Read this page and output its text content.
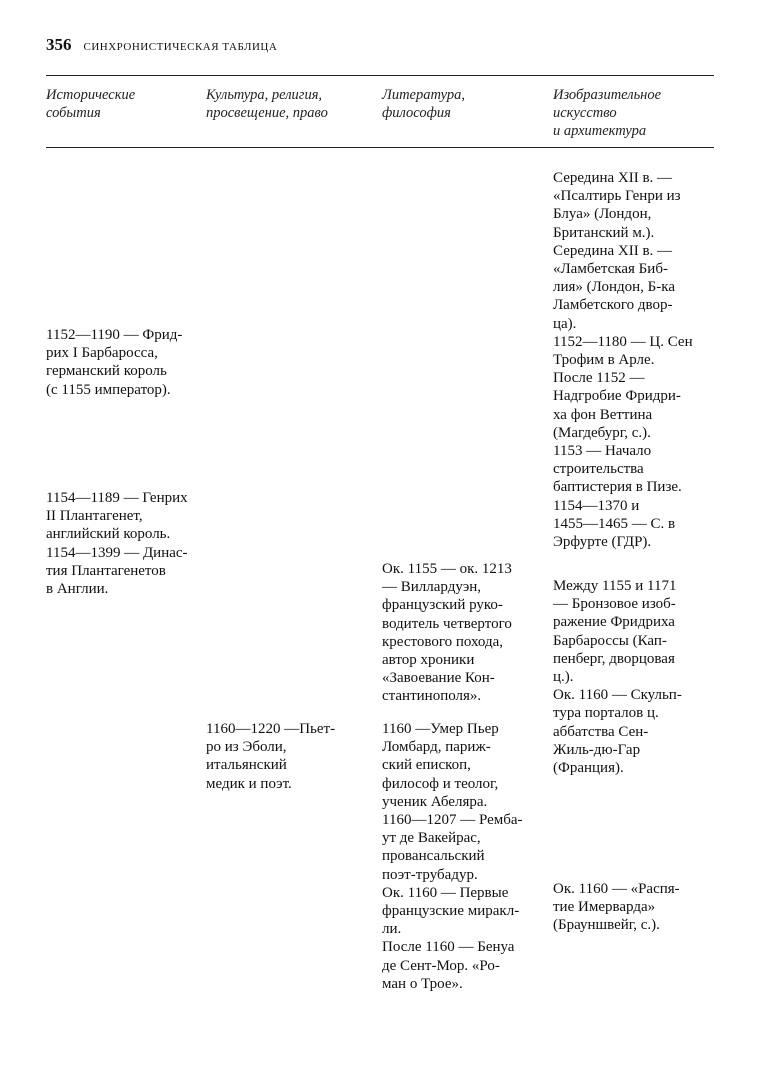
356 СИНХРОНИСТИЧЕСКАЯ ТАБЛИЦА
Исторические
события
Культура, религия,
просвещение, право
Литература,
философия
Изобразительное
искусство
и архитектура
Середина XII в. —
«Псалтирь Генри из
Блуа» (Лондон,
Британский м.).
Середина XII в. —
«Ламбетская Биб-
лия» (Лондон, Б-ка
Ламбетского двор-
ца).
1152—1180 — Ц. Сен
Трофим в Арле.
После 1152 —
Надгробие Фридри-
ха фон Веттина
(Магдебург, с.).
1153 — Начало
строительства
баптистерия в Пизе.
1154—1370 и
1455—1465 — С. в
Эрфурте (ГДР).
1152—1190 — Фрид-
рих I Барбаросса,
германский король
(с 1155 император).
1154—1189 — Генрих
II Плантагенет,
английский король.
1154—1399 — Динас-
тия Плантагенетов
в Англии.
Ок. 1155 — ок. 1213
— Виллардуэн,
французский руко-
водитель четвертого
крестового похода,
автор хроники
«Завоевание Кон-
стантинополя».
Между 1155 и 1171
— Бронзовое изоб-
ражение Фридриха
Барбароссы (Кап-
пенберг, дворцовая
ц.).
Ок. 1160 — Скульп-
тура порталов ц.
аббатства Сен-
Жиль-дю-Гар
(Франция).
1160—1220 —Пьет-
ро из Эболи,
итальянский
медик и поэт.
1160 —Умер Пьер
Ломбард, париж-
ский епископ,
философ и теолог,
ученик Абеляра.
1160—1207 — Рембa-
ут де Вакейрас,
провансальский
поэт-трубадур.
Ок. 1160 — Первые
французские миракл-
ли.
После 1160 — Бенуа
де Сент-Мор. «Ро-
ман о Трое».
Ок. 1160 — «Распя-
тие Имерварда»
(Брауншвейг, с.).
